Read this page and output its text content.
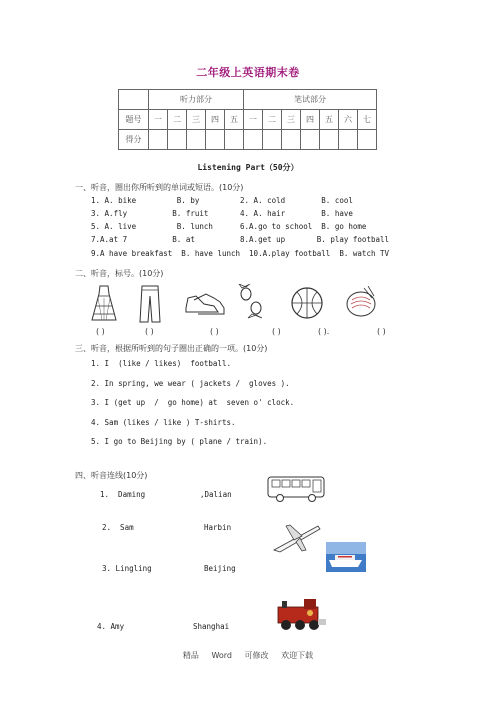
二年级上英语期末卷
	听力部分					笔试部分						
题号	一	二	三	四	五	一	二	三	四	五	六	七
得分												
Listening Part（50分）
一、听音，圈出你所听到的单词或短语。(10分)
1. A. bike         B. by         2. A. cold        B. cool
3. A.fly          B. fruit       4. A. hair        B. have
5. A. live         B. lunch      6.A.go to school  B. go home
7.A.at 7          B. at          8.A.get up       B. play football
9.A have breakfast  B. have lunch  10.A.play football  B. watch TV
二、听音，标号。(10分)
( )	( )	( )	( )	( ).	( )
三、听音，根据所听到的句子圈出正确的一项。(10分)
1. I  (like / likes)  football.
2. In spring, we wear ( jackets /  gloves ).
3. I (get up  /  go home) at  seven o' clock.
4. Sam (likes / like ) T-shirts.
5. I go to Beijing by ( plane / train).
四、听音连线(10分)
1.  Daming	,Dalian
2.  Sam	Harbin
3. Lingling	Beijing
4. Amy	Shanghai
精品 Word 可修改 欢迎下载
